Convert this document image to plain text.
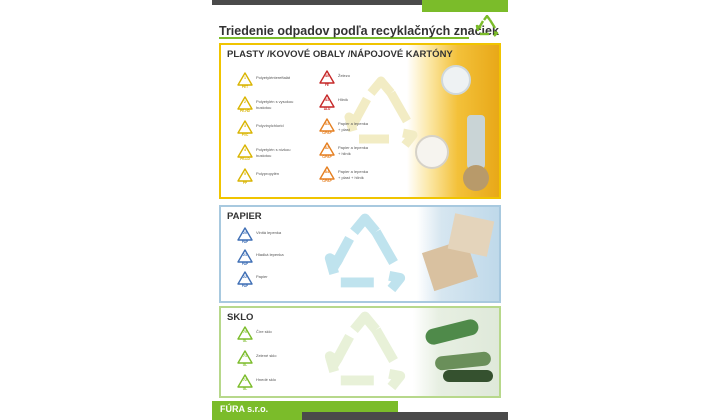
Triedenie odpadov podľa recyklačných značiek
PLASTY /KOVOVÉ OBALY /NÁPOJOVÉ KARTÓNY
1
PET
Polyetyléntereftalát
2
PE-HD
Polyetylén s vysokou
hustotou
3
PVC
Polyvinylchlorid
4
PE-LD
Polyetylén s nízkou
hustotou
5
PP
Polypropylén
40
FE
Železo
41
ALU
Hliník
81
C/PAP
Papier a lepenka
+ plast
82
C/PAP
Papier a lepenka
+ hliník
84
C/PAP
Papier a lepenka
+ plast + hliník
PAPIER
20
PAP
Vlnitá lepenka
21
PAP
Hladká lepenka
22
PAP
Papier
SKLO
70
GL
Číre sklo
71
GL
Zelené sklo
72
GL
Hnedé sklo
FÚRA s.r.o.
